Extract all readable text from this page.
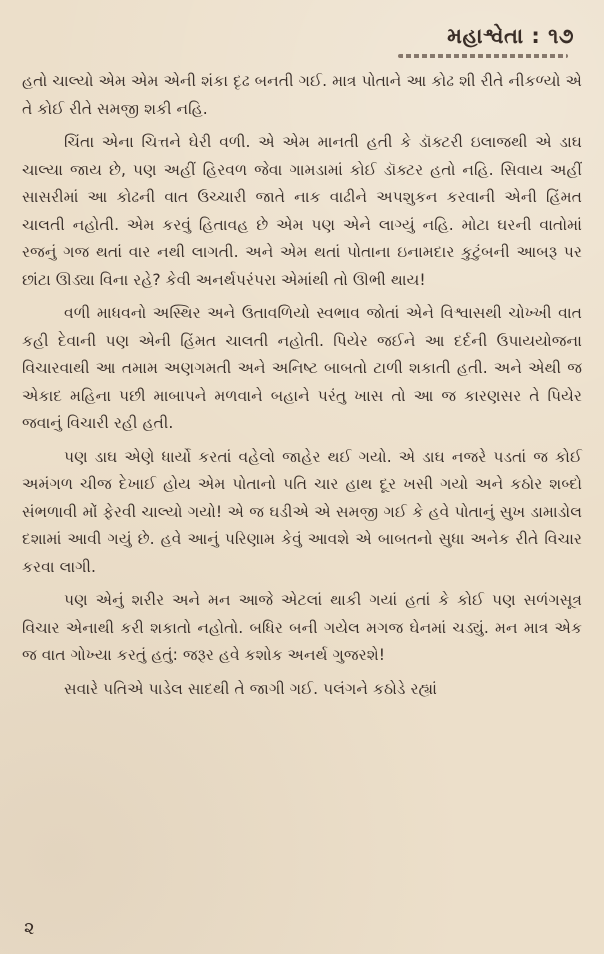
મહાશ્વેતા : ૧૭

હતો ચાલ્યો એમ એમ એની શંકા દૃઢ બનતી ગઈ. માત્ર પોતાને આ કોઢ શી રીતે નીકળ્યો એ તે કોઈ રીતે સમજી શકી નહિ.

ચિંતા એના ચિત્તને ઘેરી વળી. એ એમ માનતી હતી કે ડૉક્ટરી ઇલાજથી એ ડાઘ ચાલ્યા જાય છે, પણ અહીં હિરવળ જેવા ગામડામાં કોઈ ડૉક્ટર હતો નહિ. સિવાય અહીં સાસરીમાં આ કોઢની વાત ઉચ્ચારી જાતે નાક વાઢીને અપશુકન કરવાની એની હિંમત ચાલતી નહોતી. એમ કરવું હિતાવહ છે એમ પણ એને લાગ્યું નહિ. મોટા ઘરની વાતોમાં રજનું ગજ થતાં વાર નથી લાગતી. અને એમ થતાં પોતાના ઇનામદાર કુટુંબની આબરૂ પર છાંટા ઊડ્યા વિના રહે? કેવી અનર્થપરંપરા એમાંથી તો ઊભી થાય!

વળી માધવનો અસ્થિર અને ઉતાવળિયો સ્વભાવ જોતાં એને વિશ્વાસથી ચોખ્ખી વાત કહી દેવાની પણ એની હિંમત ચાલતી નહોતી. પિયેર જઈને આ દર્દની ઉપાયયોજના વિચારવાથી આ તમામ અણગમતી અને અનિષ્ટ બાબતો ટાળી શકાતી હતી. અને એથી જ એકાદ મહિના પછી માબાપને મળવાને બહાને પરંતુ ખાસ તો આ જ કારણસર તે પિયેર જવાનું વિચારી રહી હતી.

પણ ડાઘ એણે ધાર્યો કરતાં વહેલો જાહેર થઈ ગયો. એ ડાઘ નજરે પડતાં જ કોઈ અમંગળ ચીજ દેખાઈ હોય એમ પોતાનો પતિ ચાર હાથ દૂર ખસી ગયો અને કઠોર શબ્દો સંભળાવી મોં ફેરવી ચાલ્યો ગયો! એ જ ઘડીએ એ સમજી ગઈ કે હવે પોતાનું સુખ ડામાડોલ દશામાં આવી ગયું છે. હવે આનું પરિણામ કેવું આવશે એ બાબતનો સુધા અનેક રીતે વિચાર કરવા લાગી.

પણ એનું શરીર અને મન આજે એટલાં થાકી ગયાં હતાં કે કોઈ પણ સળંગસૂત્ર વિચાર એનાથી કરી શકાતો નહોતો. બધિર બની ગયેલ મગજ ઘેનમાં ચડ્યું. મન માત્ર એક જ વાત ગોખ્યા કરતું હતું: જરૂર હવે કશોક અનર્થ ગુજરશે!

સવારે પતિએ પાડેલ સાદથી તે જાગી ગઈ. પલંગને કઠોડે રહ્યાં

૨
